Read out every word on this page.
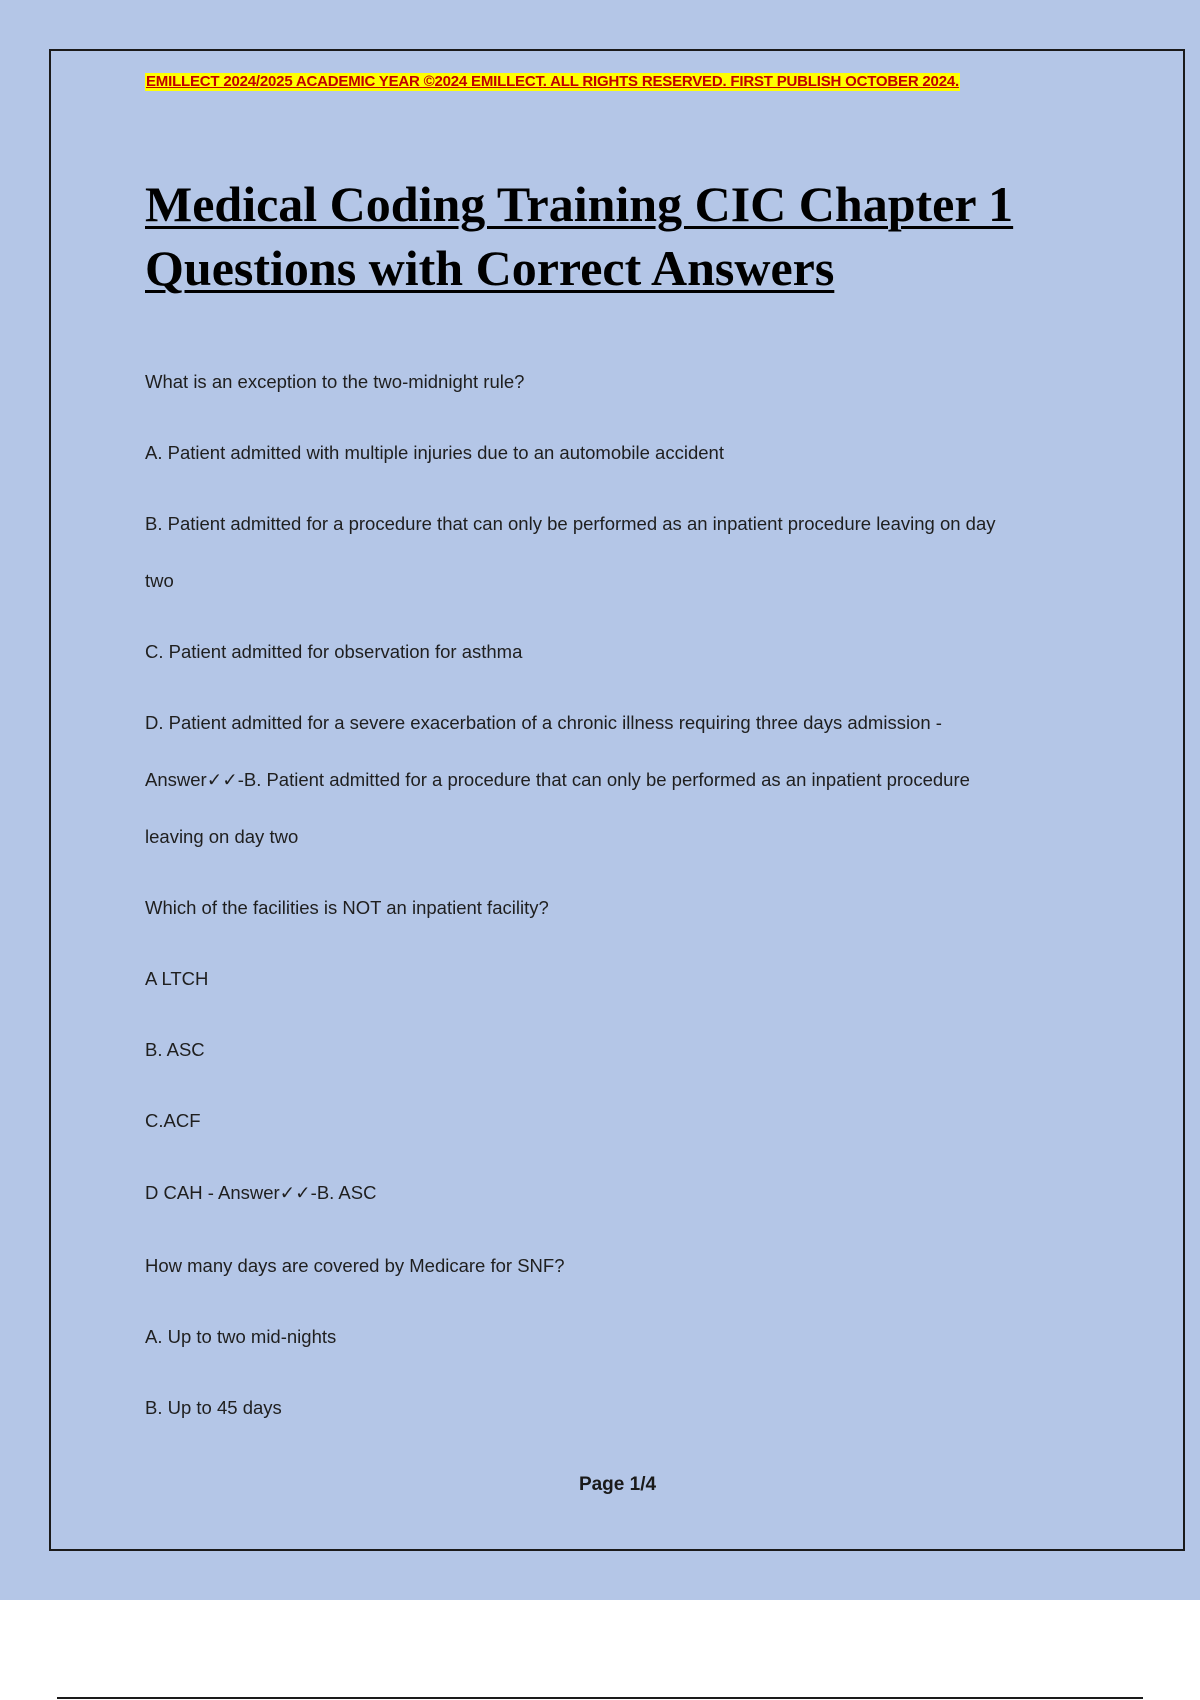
EMILLECT 2024/2025 ACADEMIC YEAR ©2024 EMILLECT. ALL RIGHTS RESERVED. FIRST PUBLISH OCTOBER 2024.
Medical Coding Training CIC Chapter 1
Questions with Correct Answers
What is an exception to the two-midnight rule?
A. Patient admitted with multiple injuries due to an automobile accident
B. Patient admitted for a procedure that can only be performed as an inpatient procedure leaving on day
two
C. Patient admitted for observation for asthma
D. Patient admitted for a severe exacerbation of a chronic illness requiring three days admission -
Answer✓✓-B. Patient admitted for a procedure that can only be performed as an inpatient procedure
leaving on day two
Which of the facilities is NOT an inpatient facility?
A LTCH
B. ASC
C.ACF
D CAH - Answer✓✓-B. ASC
How many days are covered by Medicare for SNF?
A. Up to two mid-nights
B. Up to 45 days
Page 1/4
